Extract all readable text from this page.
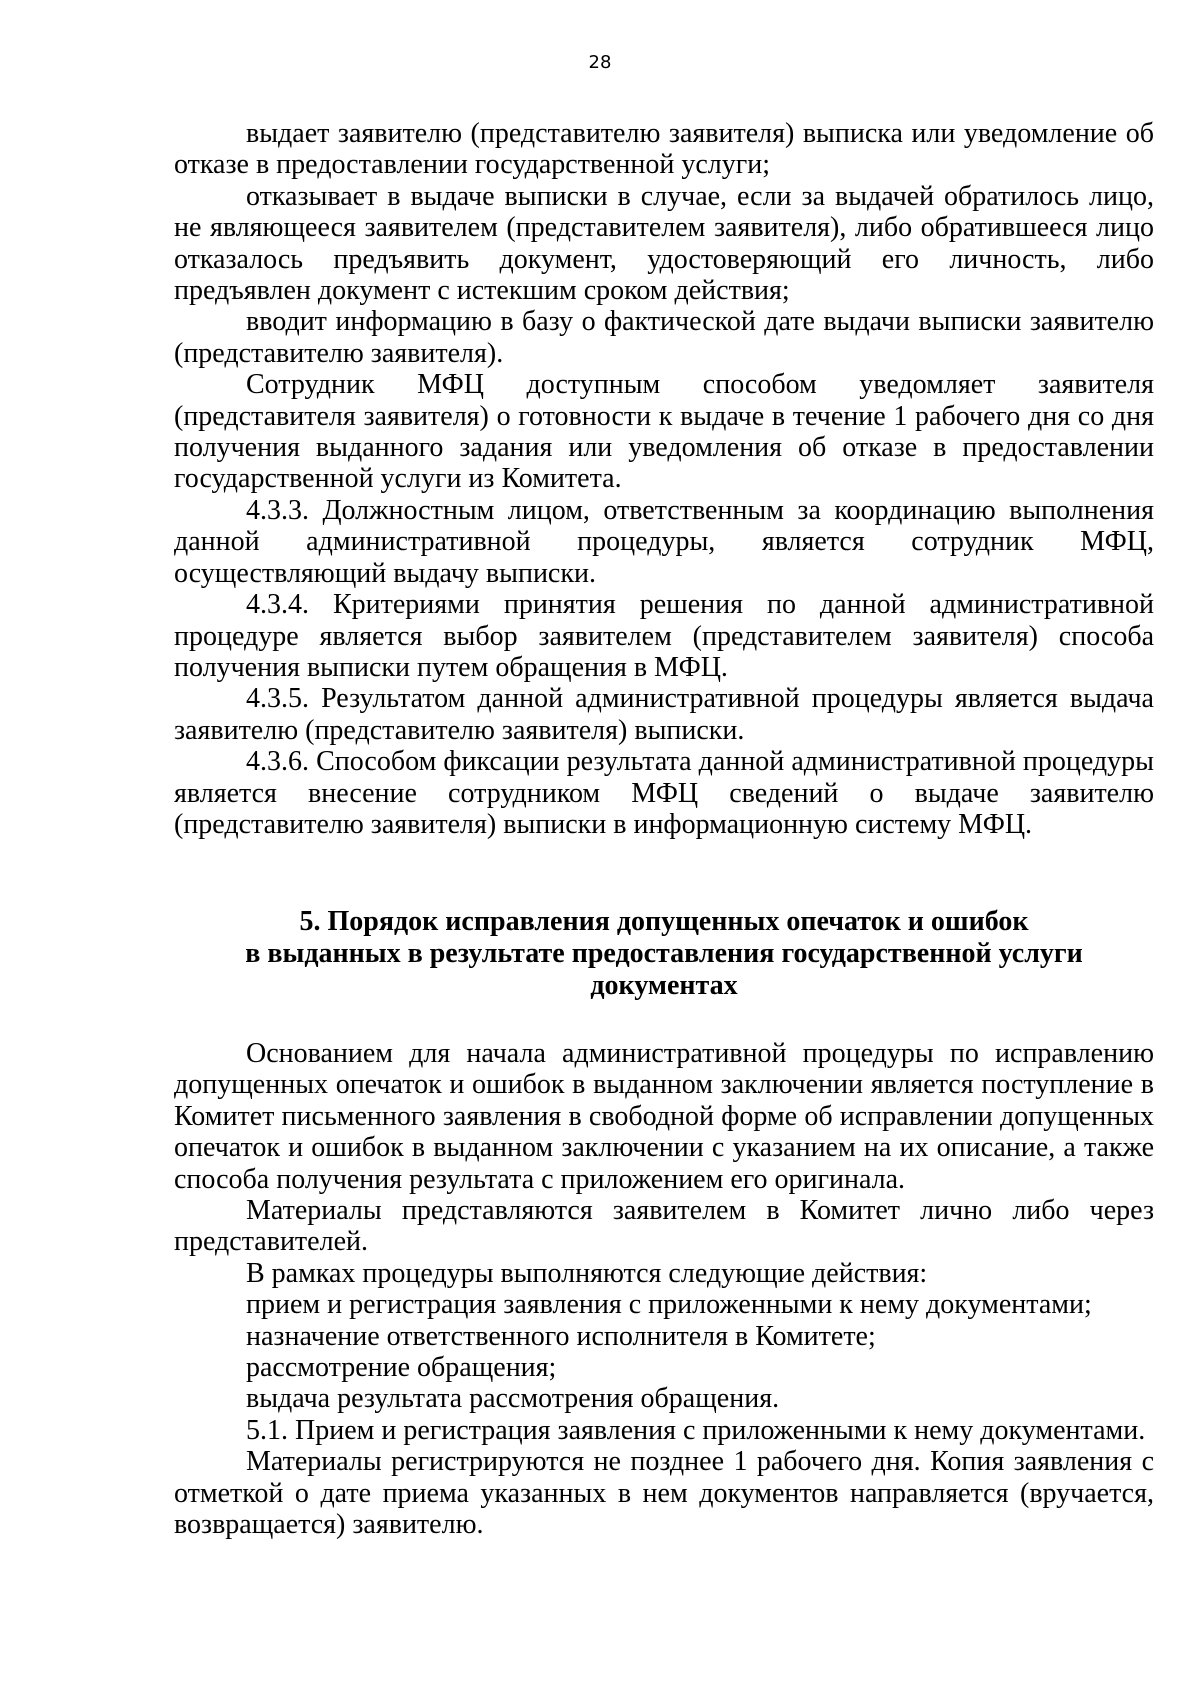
28

выдает заявителю (представителю заявителя) выписка или уведомление об отказе в предоставлении государственной услуги;

отказывает в выдаче выписки в случае, если за выдачей обратилось лицо, не являющееся заявителем (представителем заявителя), либо обратившееся лицо отказалось предъявить документ, удостоверяющий его личность, либо предъявлен документ с истекшим сроком действия;

вводит информацию в базу о фактической дате выдачи выписки заявителю (представителю заявителя).

Сотрудник МФЦ доступным способом уведомляет заявителя (представителя заявителя) о готовности к выдаче в течение 1 рабочего дня со дня получения выданного задания или уведомления об отказе в предоставлении государственной услуги из Комитета.

4.3.3. Должностным лицом, ответственным за координацию выполнения данной административной процедуры, является сотрудник МФЦ, осуществляющий выдачу выписки.

4.3.4. Критериями принятия решения по данной административной процедуре является выбор заявителем (представителем заявителя) способа получения выписки путем обращения в МФЦ.

4.3.5. Результатом данной административной процедуры является выдача заявителю (представителю заявителя) выписки.

4.3.6. Способом фиксации результата данной административной процедуры является внесение сотрудником МФЦ сведений о выдаче заявителю (представителю заявителя) выписки в информационную систему МФЦ.

5. Порядок исправления допущенных опечаток и ошибок
в выданных в результате предоставления государственной услуги
документах

Основанием для начала административной процедуры по исправлению допущенных опечаток и ошибок в выданном заключении является поступление в Комитет письменного заявления в свободной форме об исправлении допущенных опечаток и ошибок в выданном заключении с указанием на их описание, а также способа получения результата с приложением его оригинала.

Материалы представляются заявителем в Комитет лично либо через представителей.

В рамках процедуры выполняются следующие действия:

прием и регистрация заявления с приложенными к нему документами;

назначение ответственного исполнителя в Комитете;

рассмотрение обращения;

выдача результата рассмотрения обращения.

5.1. Прием и регистрация заявления с приложенными к нему документами.

Материалы регистрируются не позднее 1 рабочего дня. Копия заявления с отметкой о дате приема указанных в нем документов направляется (вручается, возвращается) заявителю.
